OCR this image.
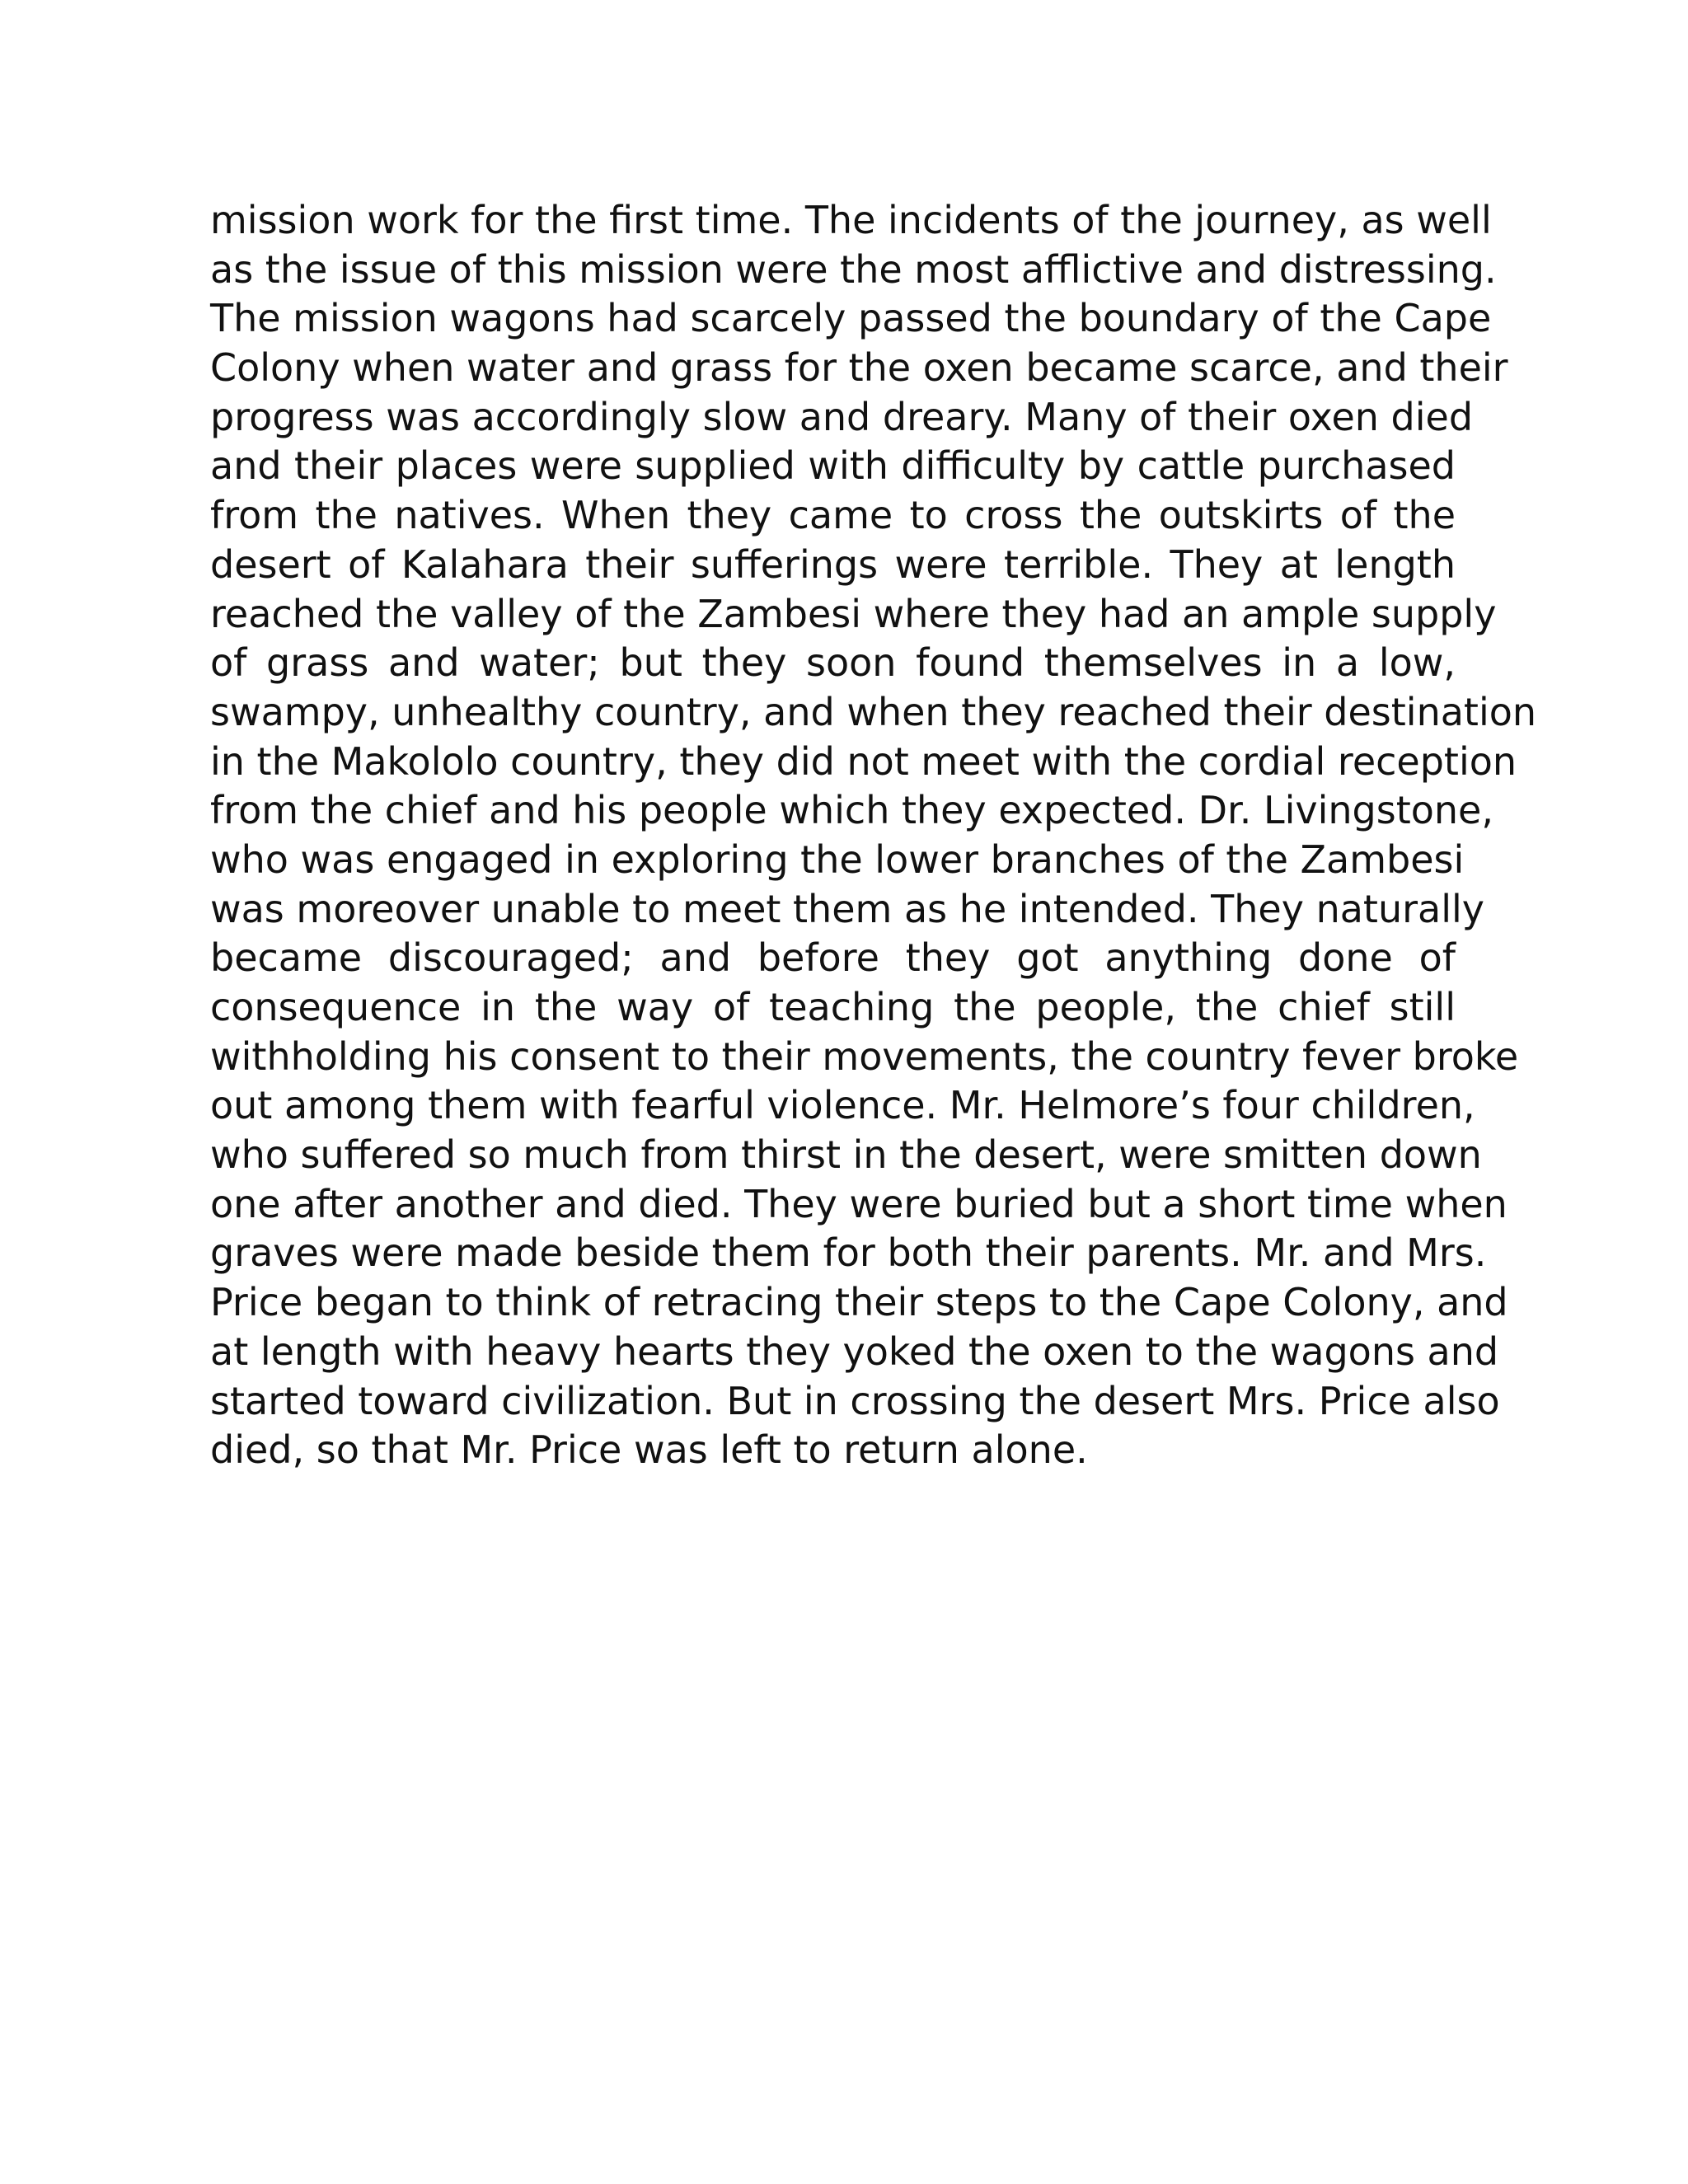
mission work for the first time. The incidents of the journey, as well
as the issue of this mission were the most afflictive and distressing.
The mission wagons had scarcely passed the boundary of the Cape
Colony when water and grass for the oxen became scarce, and their
progress was accordingly slow and dreary. Many of their oxen died
and their places were supplied with difficulty by cattle purchased
from the natives. When they came to cross the outskirts of the
desert of Kalahara their sufferings were terrible. They at length
reached the valley of the Zambesi where they had an ample supply
of grass and water; but they soon found themselves in a low,
swampy, unhealthy country, and when they reached their destination
in the Makololo country, they did not meet with the cordial reception
from the chief and his people which they expected. Dr. Livingstone,
who was engaged in exploring the lower branches of the Zambesi
was moreover unable to meet them as he intended. They naturally
became discouraged; and before they got anything done of
consequence in the way of teaching the people, the chief still
withholding his consent to their movements, the country fever broke
out among them with fearful violence. Mr. Helmore’s four children,
who suffered so much from thirst in the desert, were smitten down
one after another and died. They were buried but a short time when
graves were made beside them for both their parents. Mr. and Mrs.
Price began to think of retracing their steps to the Cape Colony, and
at length with heavy hearts they yoked the oxen to the wagons and
started toward civilization. But in crossing the desert Mrs. Price also
died, so that Mr. Price was left to return alone.
